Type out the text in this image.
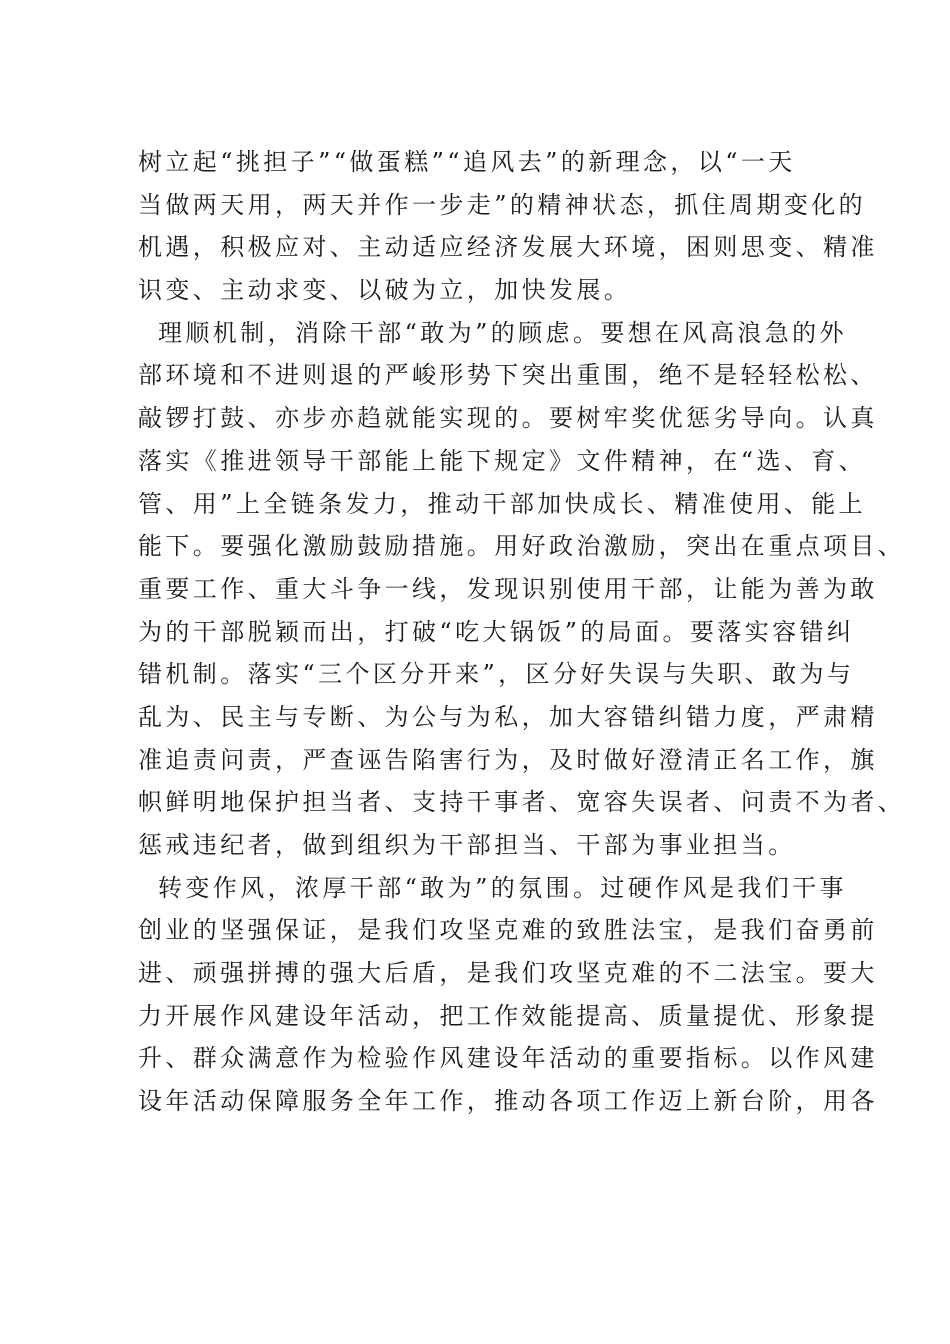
树立起“挑担子”“做蛋糕”“追风去”的新理念，以“一天
当做两天用，两天并作一步走”的精神状态，抓住周期变化的
机遇，积极应对、主动适应经济发展大环境，困则思变、精准
识变、主动求变、以破为立，加快发展。
理顺机制，消除干部“敢为”的顾虑。要想在风高浪急的外
部环境和不进则退的严峻形势下突出重围，绝不是轻轻松松、
敲锣打鼓、亦步亦趋就能实现的。要树牢奖优惩劣导向。认真
落实《推进领导干部能上能下规定》文件精神，在“选、育、
管、用”上全链条发力，推动干部加快成长、精准使用、能上
能下。要强化激励鼓励措施。用好政治激励，突出在重点项目、
重要工作、重大斗争一线，发现识别使用干部，让能为善为敢
为的干部脱颖而出，打破“吃大锅饭”的局面。要落实容错纠
错机制。落实“三个区分开来”，区分好失误与失职、敢为与
乱为、民主与专断、为公与为私，加大容错纠错力度，严肃精
准追责问责，严查诬告陷害行为，及时做好澄清正名工作，旗
帜鲜明地保护担当者、支持干事者、宽容失误者、问责不为者、
惩戒违纪者，做到组织为干部担当、干部为事业担当。
转变作风，浓厚干部“敢为”的氛围。过硬作风是我们干事
创业的坚强保证，是我们攻坚克难的致胜法宝，是我们奋勇前
进、顽强拼搏的强大后盾，是我们攻坚克难的不二法宝。要大
力开展作风建设年活动，把工作效能提高、质量提优、形象提
升、群众满意作为检验作风建设年活动的重要指标。以作风建
设年活动保障服务全年工作，推动各项工作迈上新台阶，用各
